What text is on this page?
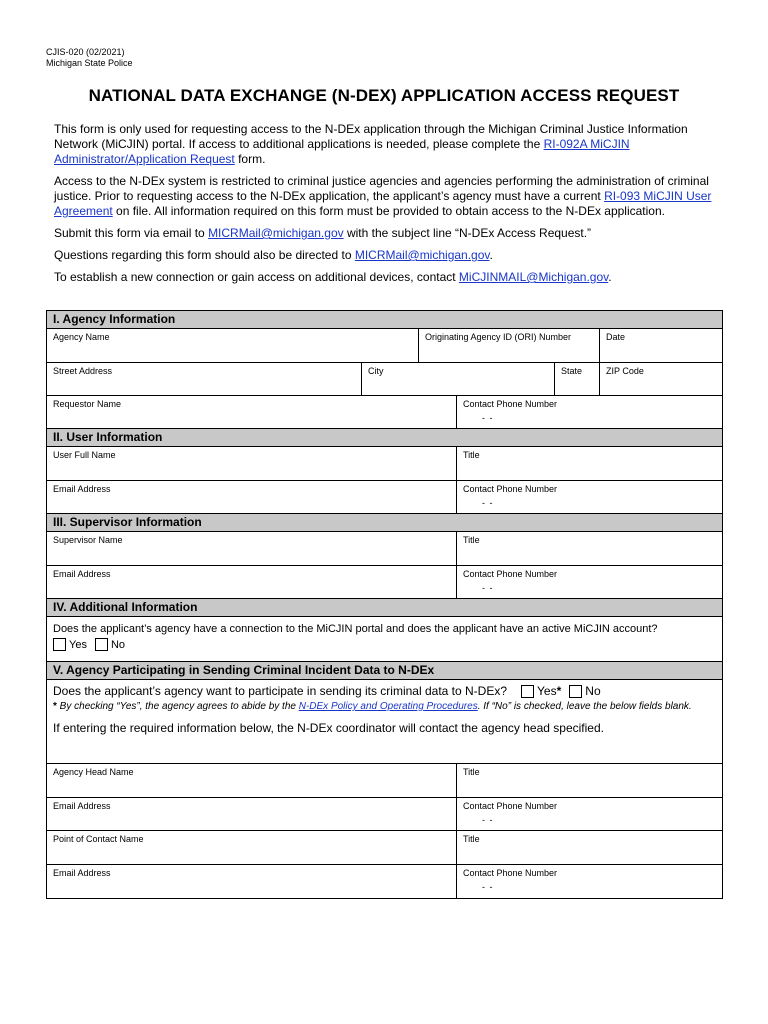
CJIS-020 (02/2021)
Michigan State Police
NATIONAL DATA EXCHANGE (N-DEX) APPLICATION ACCESS REQUEST

This form is only used for requesting access to the N-DEx application through the Michigan Criminal Justice Information Network (MiCJIN) portal. If access to additional applications is needed, please complete the RI-092A MiCJIN Administrator/Application Request form.

Access to the N-DEx system is restricted to criminal justice agencies and agencies performing the administration of criminal justice. Prior to requesting access to the N-DEx application, the applicant’s agency must have a current RI-093 MiCJIN User Agreement on file. All information required on this form must be provided to obtain access to the N-DEx application.

Submit this form via email to MICRMail@michigan.gov with the subject line “N-DEx Access Request.”

Questions regarding this form should also be directed to MICRMail@michigan.gov.

To establish a new connection or gain access on additional devices, contact MiCJINMAIL@Michigan.gov.

I. Agency Information
Agency Name	Originating Agency ID (ORI) Number	Date
Street Address	City	State	ZIP Code
Requestor Name	Contact Phone Number
- -
II. User Information
User Full Name	Title
Email Address	Contact Phone Number
- -
III. Supervisor Information
Supervisor Name	Title
Email Address	Contact Phone Number
- -
IV. Additional Information
Does the applicant’s agency have a connection to the MiCJIN portal and does the applicant have an active MiCJIN account?
Yes No
V. Agency Participating in Sending Criminal Incident Data to N-DEx
Does the applicant’s agency want to participate in sending its criminal data to N-DEx?	Yes * No
* By checking “Yes”, the agency agrees to abide by the N-DEx Policy and Operating Procedures. If “No” is checked, leave the below fields blank.
If entering the required information below, the N-DEx coordinator will contact the agency head specified.
Agency Head Name	Title
Email Address	Contact Phone Number
- -
Point of Contact Name	Title
Email Address	Contact Phone Number
- -
